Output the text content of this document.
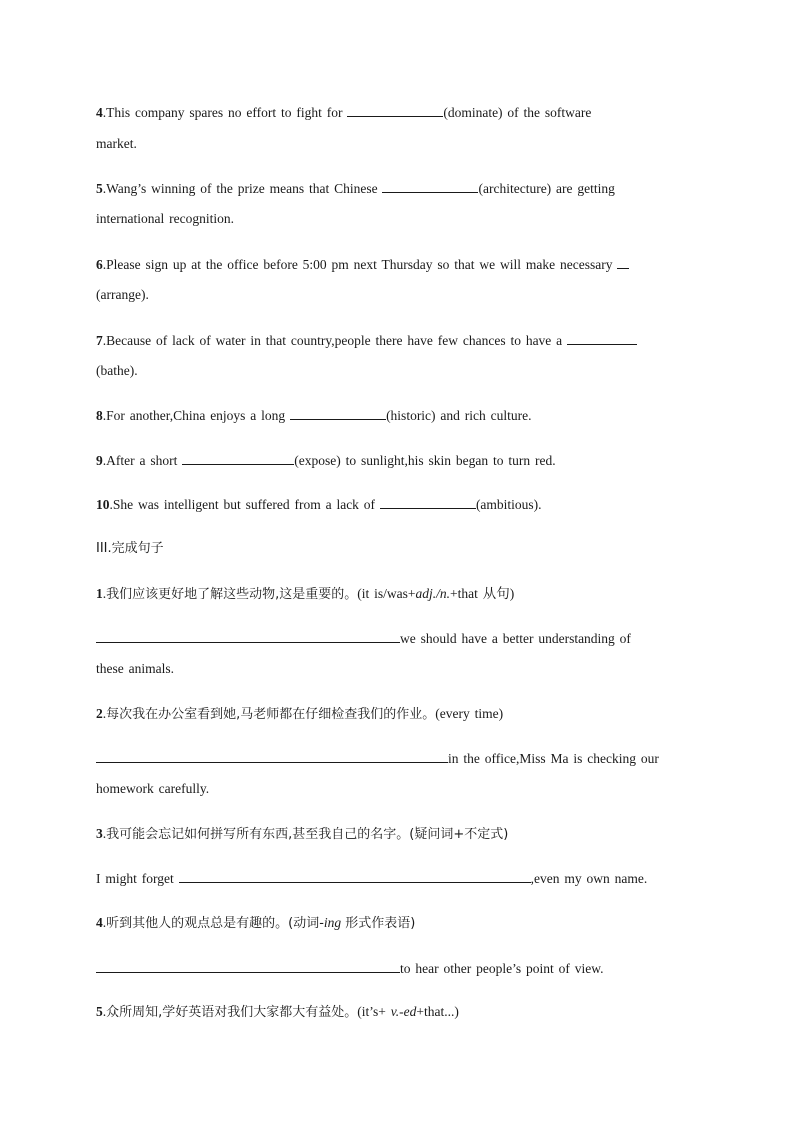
4.This company spares no effort to fight for	(dominate) of the software
market.
5.Wang’s winning of the prize means that Chinese	(architecture) are getting
international recognition.
6.Please sign up at the office before 5:00 pm next Thursday so that we will make necessary
(arrange).
7.Because of lack of water in that country,people there have few chances to have a
(bathe).
8.For another,China enjoys a long	(historic) and rich culture.
9.After a short	(expose) to sunlight,his skin began to turn red.
10.She was intelligent but suffered from a lack of	(ambitious).
III.完成句子
1.我们应该更好地了解这些动物,这是重要的。(it is/was+adj./n.+that 从句)
we should have a better understanding of
these animals.
2.每次我在办公室看到她,马老师都在仔细检查我们的作业。(every time)
in the office,Miss Ma is checking our
homework carefully.
3.我可能会忘记如何拼写所有东西,甚至我自己的名字。(疑问词+不定式)
I might forget	,even my own name.
4.听到其他人的观点总是有趣的。(动词-ing 形式作表语)
to hear other people’s point of view.
5.众所周知,学好英语对我们大家都大有益处。(it’s+ v.-ed+that...)
